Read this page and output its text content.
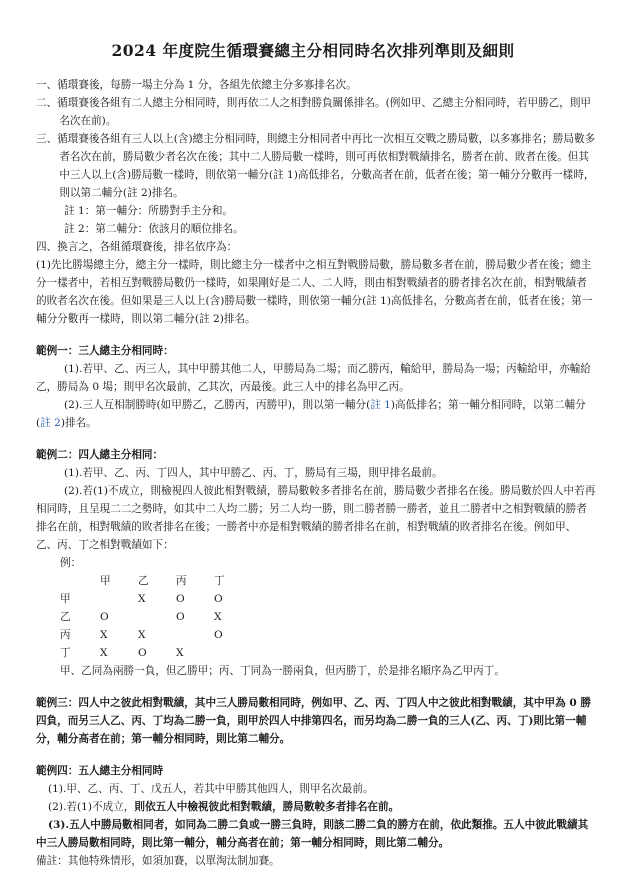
2024 年度院生循環賽總主分相同時名次排列準則及細則

一、循環賽後，每勝一場主分為 1 分，各組先依總主分多寡排名次。

二、循環賽後各組有二人總主分相同時，則再依二人之相對勝負關係排名。(例如甲、乙總主分相同時，若甲勝乙，則甲名次在前)。

三、循環賽後各組有三人以上(含)總主分相同時，則總主分相同者中再比一次相互交戰之勝局數，以多寡排名；勝局數多者名次在前，勝局數少者名次在後；其中二人勝局數一樣時，則可再依相對戰績排名，勝者在前、敗者在後。但其中三人以上(含)勝局數一樣時，則依第一輔分(註 1)高低排名，分數高者在前，低者在後；第一輔分分數再一樣時，則以第二輔分(註 2)排名。

註 1：第一輔分：所勝對手主分和。

註 2：第二輔分：依該月的順位排名。

四、換言之，各組循環賽後，排名依序為：

(1)先比勝場總主分，總主分一樣時，則比總主分一樣者中之相互對戰勝局數，勝局數多者在前，勝局數少者在後；總主分一樣者中，若相互對戰勝局數仍一樣時，如果剛好是二人、二人時，則由相對戰績者的勝者排名次在前，相對戰績者的敗者名次在後。但如果是三人以上(含)勝局數一樣時，則依第一輔分(註 1)高低排名，分數高者在前，低者在後；第一輔分分數再一樣時，則以第二輔分(註 2)排名。

範例一：三人總主分相同時：

(1).若甲、乙、丙三人，其中甲勝其他二人，甲勝局為二場；而乙勝丙，輸給甲，勝局為一場；丙輸給甲，亦輸給乙，勝局為 0 場；則甲名次最前，乙其次，丙最後。此三人中的排名為甲乙丙。

(2).三人互相制勝時(如甲勝乙，乙勝丙，丙勝甲)，則以第一輔分(註 1)高低排名；第一輔分相同時，以第二輔分(註 2)排名。

範例二：四人總主分相同：

(1).若甲、乙、丙、丁四人，其中甲勝乙、丙、丁，勝局有三場，則甲排名最前。

(2).若(1)不成立，則檢視四人彼此相對戰績，勝局數較多者排名在前，勝局數少者排名在後。勝局數於四人中若再相同時，且呈現二二之勢時，如其中二人均二勝；另二人均一勝，則二勝者勝一勝者，並且二勝者中之相對戰績的勝者排名在前，相對戰績的敗者排名在後；一勝者中亦是相對戰績的勝者排名在前，相對戰績的敗者排名在後。例如甲、乙、丙、丁之相對戰績如下：

例：

	甲	乙	丙	丁
甲		X	O	O
乙	O		O	X
丙	X	X		O
丁	X	O	X	

甲、乙同為兩勝一負，但乙勝甲；丙、丁同為一勝兩負，但丙勝丁，於是排名順序為乙甲丙丁。

範例三：四人中之彼此相對戰績，其中三人勝局數相同時，例如甲、乙、丙、丁四人中之彼此相對戰績，其中甲為 0 勝四負，而另三人乙、丙、丁均為二勝一負，則甲於四人中排第四名，而另均為二勝一負的三人(乙、丙、丁)則比第一輔分，輔分高者在前；第一輔分相同時，則比第二輔分。

範例四：五人總主分相同時

(1).甲、乙、丙、丁、戊五人，若其中甲勝其他四人，則甲名次最前。

(2).若(1)不成立，則依五人中檢視彼此相對戰績，勝局數較多者排名在前。

(3).五人中勝局數相同者，如同為二勝二負或一勝三負時，則該二勝二負的勝方在前，依此類推。五人中彼此戰績其中三人勝局數相同時，則比第一輔分，輔分高者在前；第一輔分相同時，則比第二輔分。

備註：其他特殊情形，如須加賽，以單淘汰制加賽。
